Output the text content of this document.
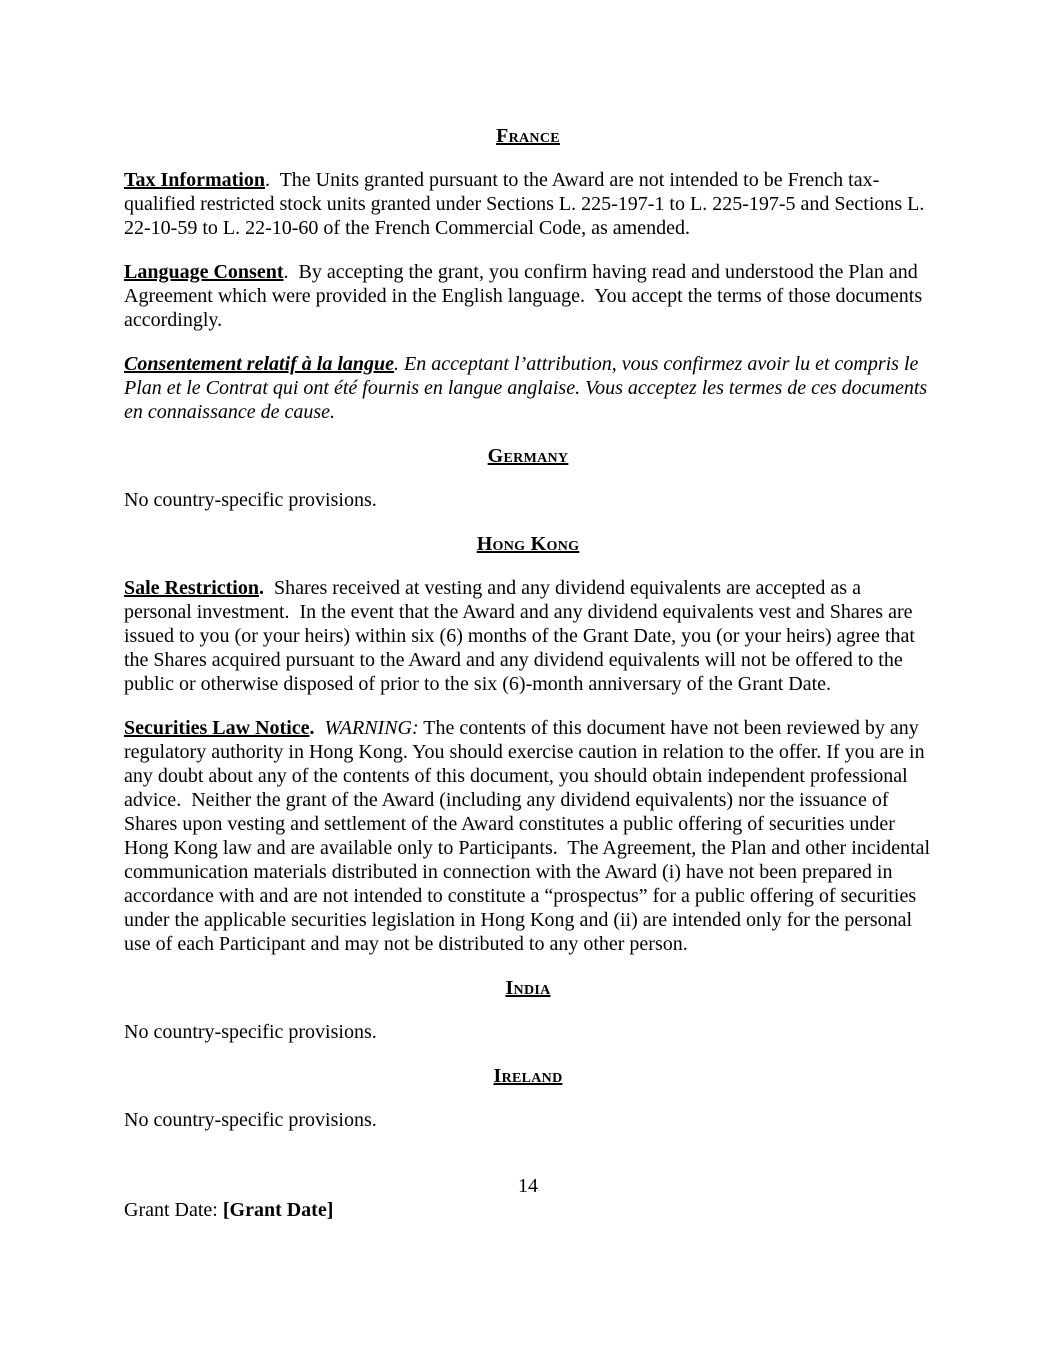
France

Tax Information.  The Units granted pursuant to the Award are not intended to be French tax-qualified restricted stock units granted under Sections L. 225-197-1 to L. 225-197-5 and Sections L. 22-10-59 to L. 22-10-60 of the French Commercial Code, as amended.

Language Consent.  By accepting the grant, you confirm having read and understood the Plan and Agreement which were provided in the English language.  You accept the terms of those documents accordingly.

Consentement relatif à la langue. En acceptant l’attribution, vous confirmez avoir lu et compris le Plan et le Contrat qui ont été fournis en langue anglaise. Vous acceptez les termes de ces documents en connaissance de cause.

Germany

No country-specific provisions.

Hong Kong

Sale Restriction.  Shares received at vesting and any dividend equivalents are accepted as a personal investment.  In the event that the Award and any dividend equivalents vest and Shares are issued to you (or your heirs) within six (6) months of the Grant Date, you (or your heirs) agree that the Shares acquired pursuant to the Award and any dividend equivalents will not be offered to the public or otherwise disposed of prior to the six (6)-month anniversary of the Grant Date.

Securities Law Notice. WARNING: The contents of this document have not been reviewed by any regulatory authority in Hong Kong. You should exercise caution in relation to the offer. If you are in any doubt about any of the contents of this document, you should obtain independent professional advice.  Neither the grant of the Award (including any dividend equivalents) nor the issuance of Shares upon vesting and settlement of the Award constitutes a public offering of securities under Hong Kong law and are available only to Participants.  The Agreement, the Plan and other incidental communication materials distributed in connection with the Award (i) have not been prepared in accordance with and are not intended to constitute a “prospectus” for a public offering of securities under the applicable securities legislation in Hong Kong and (ii) are intended only for the personal use of each Participant and may not be distributed to any other person.

India

No country-specific provisions.

Ireland

No country-specific provisions.

14
Grant Date: [Grant Date]
